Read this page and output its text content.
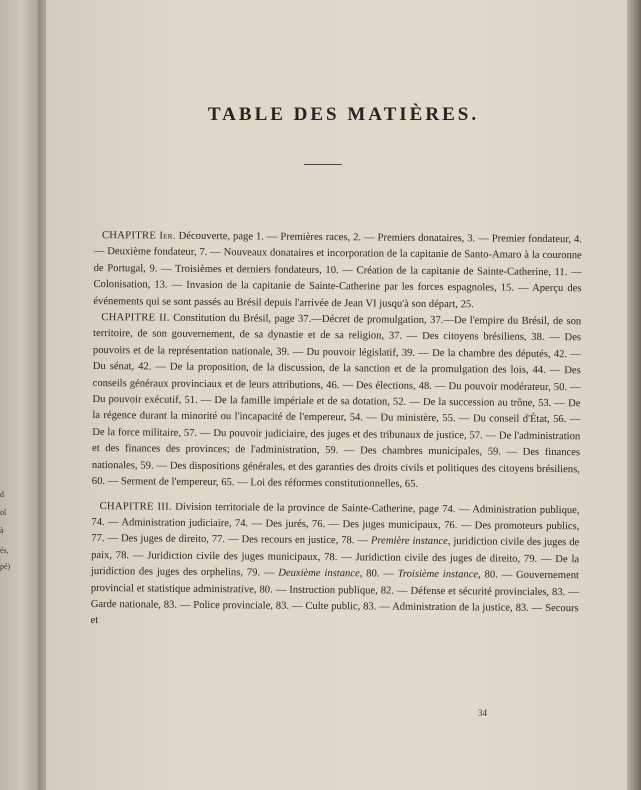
d
ol
à
és,
pé)
TABLE DES MATIÈRES.

CHAPITRE Ier. Découverte, page 1. — Premières races, 2. — Premiers donataires, 3. — Premier fondateur, 4. — Deuxième fondateur, 7. — Nouveaux donataires et incorporation de la capitanie de Santo-Amaro à la couronne de Portugal, 9. — Troisièmes et derniers fondateurs, 10. — Création de la capitanie de Sainte-Catherine, 11. — Colonisation, 13. — Invasion de la capitanie de Sainte-Catherine par les forces espagnoles, 15. — Aperçu des événements qui se sont passés au Brésil depuis l'arrivée de Jean VI jusqu'à son départ, 25.

CHAPITRE II. Constitution du Brésil, page 37.—Décret de promulgation, 37.—De l'empire du Brésil, de son territoire, de son gouvernement, de sa dynastie et de sa religion, 37. — Des citoyens brésiliens, 38. — Des pouvoirs et de la représentation nationale, 39. — Du pouvoir législatif, 39. — De la chambre des députés, 42. — Du sénat, 42. — De la proposition, de la discussion, de la sanction et de la promulgation des lois, 44. — Des conseils généraux provinciaux et de leurs attributions, 46. — Des élections, 48. — Du pouvoir modérateur, 50. — Du pouvoir exécutif, 51. — De la famille impériale et de sa dotation, 52. — De la succession au trône, 53. — De la régence durant la minorité ou l'incapacité de l'empereur, 54. — Du ministère, 55. — Du conseil d'État, 56. — De la force militaire, 57. — Du pouvoir judiciaire, des juges et des tribunaux de justice, 57. — De l'administration et des finances des provinces; de l'administration, 59. — Des chambres municipales, 59. — Des finances nationales, 59. — Des dispositions générales, et des garanties des droits civils et politiques des citoyens brésiliens, 60. — Serment de l'empereur, 65. — Loi des réformes constitutionnelles, 65.

CHAPITRE III. Division territoriale de la province de Sainte-Catherine, page 74. — Administration publique, 74. — Administration judiciaire, 74. — Des jurés, 76. — Des juges municipaux, 76. — Des promoteurs publics, 77. — Des juges de direito, 77. — Des recours en justice, 78. — Première instance, juridiction civile des juges de paix, 78. — Juridiction civile des juges municipaux, 78. — Juridiction civile des juges de direito, 79. — De la juridiction des juges des orphelins, 79. — Deuxième instance, 80. — Troisième instance, 80. — Gouvernement provincial et statistique administrative, 80. — Instruction publique, 82. — Défense et sécurité provinciales, 83. — Garde nationale, 83. — Police provinciale, 83. — Culte public, 83. — Administration de la justice, 83. — Secours et

34
